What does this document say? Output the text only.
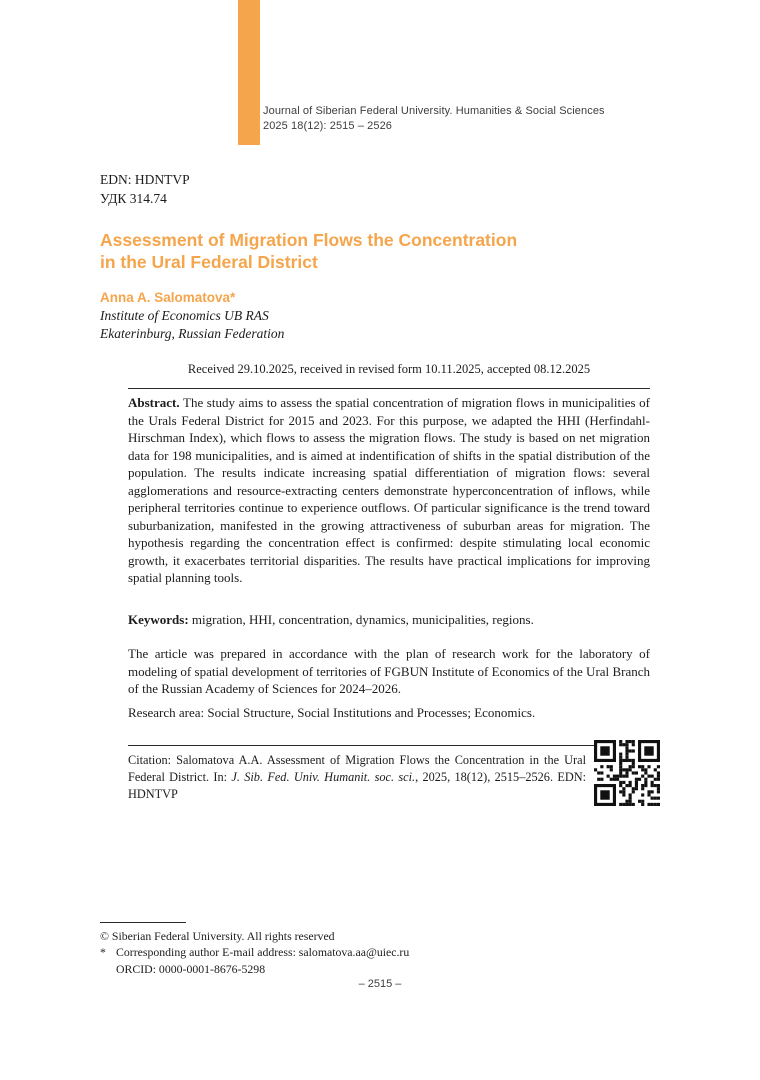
Journal of Siberian Federal University. Humanities & Social Sciences
2025 18(12): 2515 – 2526
EDN: HDNTVP
УДК 314.74
Assessment of Migration Flows the Concentration
in the Ural Federal District
Anna A. Salomatova*
Institute of Economics UB RAS
Ekaterinburg, Russian Federation
Received 29.10.2025, received in revised form 10.11.2025, accepted 08.12.2025
Abstract. The study aims to assess the spatial concentration of migration flows in municipalities of the Urals Federal District for 2015 and 2023. For this purpose, we adapted the HHI (Herfindahl-Hirschman Index), which flows to assess the migration flows. The study is based on net migration data for 198 municipalities, and is aimed at indentification of shifts in the spatial distribution of the population. The results indicate increasing spatial differentiation of migration flows: several agglomerations and resource-extracting centers demonstrate hyperconcentration of inflows, while peripheral territories continue to experience outflows. Of particular significance is the trend toward suburbanization, manifested in the growing attractiveness of suburban areas for migration. The hypothesis regarding the concentration effect is confirmed: despite stimulating local economic growth, it exacerbates territorial disparities. The results have practical implications for improving spatial planning tools.
Keywords: migration, HHI, concentration, dynamics, municipalities, regions.
The article was prepared in accordance with the plan of research work for the laboratory of modeling of spatial development of territories of FGBUN Institute of Economics of the Ural Branch of the Russian Academy of Sciences for 2024–2026.
Research area: Social Structure, Social Institutions and Processes; Economics.
Citation: Salomatova A.A. Assessment of Migration Flows the Concentration in the Ural Federal District. In: J. Sib. Fed. Univ. Humanit. soc. sci., 2025, 18(12), 2515–2526. EDN: HDNTVP
© Siberian Federal University. All rights reserved
* Corresponding author E-mail address: salomatova.aa@uiec.ru
ORCID: 0000-0001-8676-5298
– 2515 –
